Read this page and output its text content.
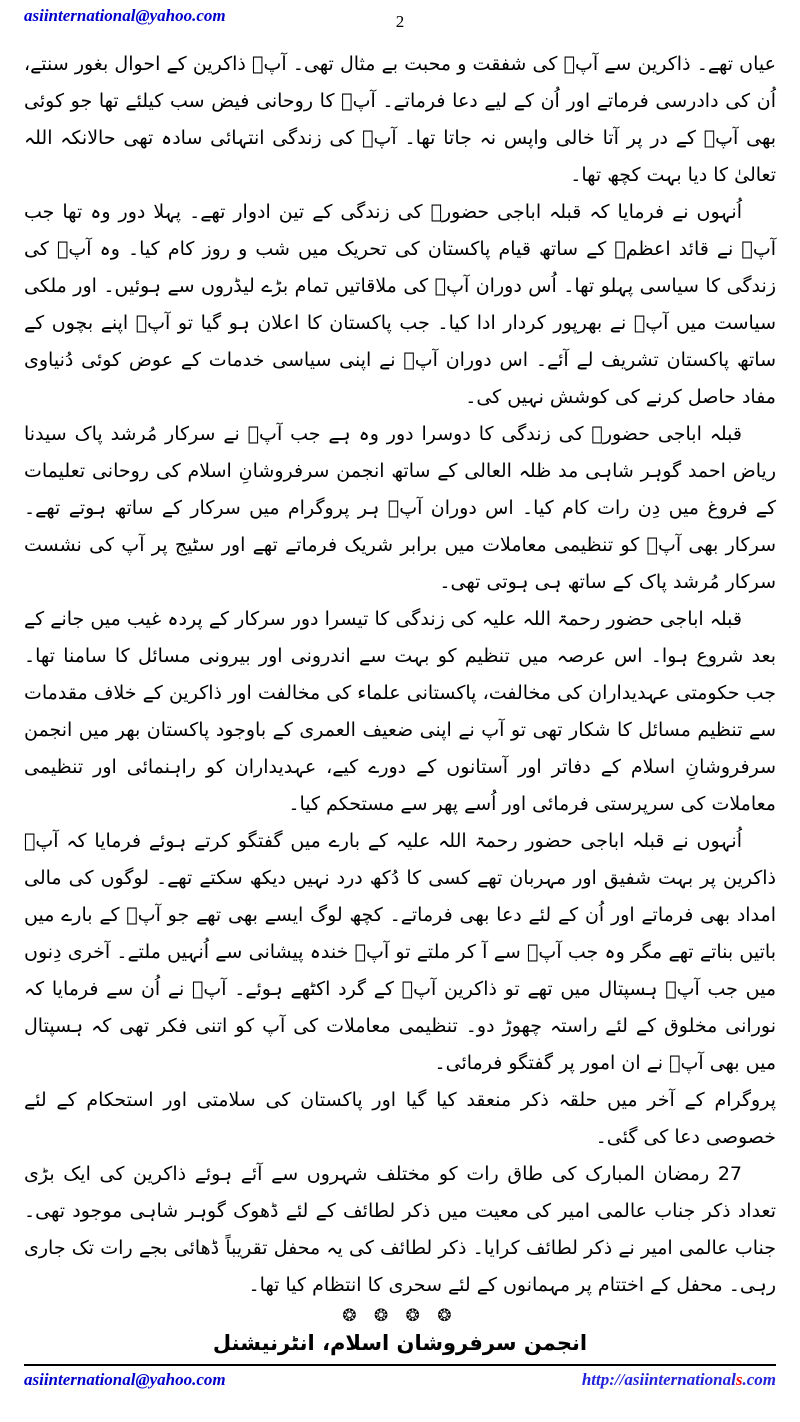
asiinternational@yahoo.com	2

عیاں تھے۔ ذاکرین سے آپؒ کی شفقت و محبت بے مثال تھی۔ آپؒ ذاکرین کے احوال بغور سنتے، اُن کی دادرسی فرماتے اور اُن کے لیے دعا فرماتے۔ آپؒ کا روحانی فیض سب کیلئے تھا جو کوئی بھی آپؒ کے در پر آتا خالی واپس نہ جاتا تھا۔ آپؒ کی زندگی انتہائی سادہ تھی حالانکہ اللہ تعالیٰ کا دیا بہت کچھ تھا۔

اُنہوں نے فرمایا کہ قبلہ اباجی حضورؒ کی زندگی کے تین ادوار تھے۔ پہلا دور وہ تھا جب آپؒ نے قائد اعظمؒ کے ساتھ قیام پاکستان کی تحریک میں شب و روز کام کیا۔ وہ آپؒ کی زندگی کا سیاسی پہلو تھا۔ اُس دوران آپؒ کی ملاقاتیں تمام بڑے لیڈروں سے ہوئیں۔ اور ملکی سیاست میں آپؒ نے بھرپور کردار ادا کیا۔ جب پاکستان کا اعلان ہو گیا تو آپؒ اپنے بچوں کے ساتھ پاکستان تشریف لے آئے۔ اس دوران آپؒ نے اپنی سیاسی خدمات کے عوض کوئی دُنیاوی مفاد حاصل کرنے کی کوشش نہیں کی۔

قبلہ اباجی حضورؒ کی زندگی کا دوسرا دور وہ ہے جب آپؒ نے سرکار مُرشد پاک سیدنا ریاض احمد گوہر شاہی مد ظلہ العالی کے ساتھ انجمن سرفروشانِ اسلام کی روحانی تعلیمات کے فروغ میں دِن رات کام کیا۔ اس دوران آپؒ ہر پروگرام میں سرکار کے ساتھ ہوتے تھے۔ سرکار بھی آپؒ کو تنظیمی معاملات میں برابر شریک فرماتے تھے اور سٹیج پر آپ کی نشست سرکار مُرشد پاک کے ساتھ ہی ہوتی تھی۔

قبلہ اباجی حضور رحمۃ اللہ علیہ کی زندگی کا تیسرا دور سرکار کے پردہ غیب میں جانے کے بعد شروع ہوا۔ اس عرصہ میں تنظیم کو بہت سے اندرونی اور بیرونی مسائل کا سامنا تھا۔ جب حکومتی عہدیداران کی مخالفت، پاکستانی علماء کی مخالفت اور ذاکرین کے خلاف مقدمات سے تنظیم مسائل کا شکار تھی تو آپ نے اپنی ضعیف العمری کے باوجود پاکستان بھر میں انجمن سرفروشانِ اسلام کے دفاتر اور آستانوں کے دورے کیے، عہدیداران کو راہنمائی اور تنظیمی معاملات کی سرپرستی فرمائی اور اُسے پھر سے مستحکم کیا۔

اُنہوں نے قبلہ اباجی حضور رحمۃ اللہ علیہ کے بارے میں گفتگو کرتے ہوئے فرمایا کہ آپؒ ذاکرین پر بہت شفیق اور مہربان تھے کسی کا دُکھ درد نہیں دیکھ سکتے تھے۔ لوگوں کی مالی امداد بھی فرماتے اور اُن کے لئے دعا بھی فرماتے۔ کچھ لوگ ایسے بھی تھے جو آپؒ کے بارے میں باتیں بناتے تھے مگر وہ جب آپؒ سے آ کر ملتے تو آپؒ خندہ پیشانی سے اُنہیں ملتے۔ آخری دِنوں میں جب آپؒ ہسپتال میں تھے تو ذاکرین آپؒ کے گرد اکٹھے ہوئے۔ آپؒ نے اُن سے فرمایا کہ نورانی مخلوق کے لئے راستہ چھوڑ دو۔ تنظیمی معاملات کی آپ کو اتنی فکر تھی کہ ہسپتال میں بھی آپؒ نے ان امور پر گفتگو فرمائی۔

پروگرام کے آخر میں حلقہ ذکر منعقد کیا گیا اور پاکستان کی سلامتی اور استحکام کے لئے خصوصی دعا کی گئی۔

27 رمضان المبارک کی طاق رات کو مختلف شہروں سے آئے ہوئے ذاکرین کی ایک بڑی تعداد ذکر جناب عالمی امیر کی معیت میں ذکر لطائف کے لئے ڈھوک گوہر شاہی موجود تھی۔ جناب عالمی امیر نے ذکر لطائف کرایا۔ ذکر لطائف کی یہ محفل تقریباً ڈھائی بجے رات تک جاری رہی۔ محفل کے اختتام پر مہمانوں کے لئے سحری کا انتظام کیا تھا۔

❂ ❂ ❂ ❂
انجمن سرفروشان اسلام، انٹرنیشنل
asiinternational@yahoo.com	http://asiinternationals.com
